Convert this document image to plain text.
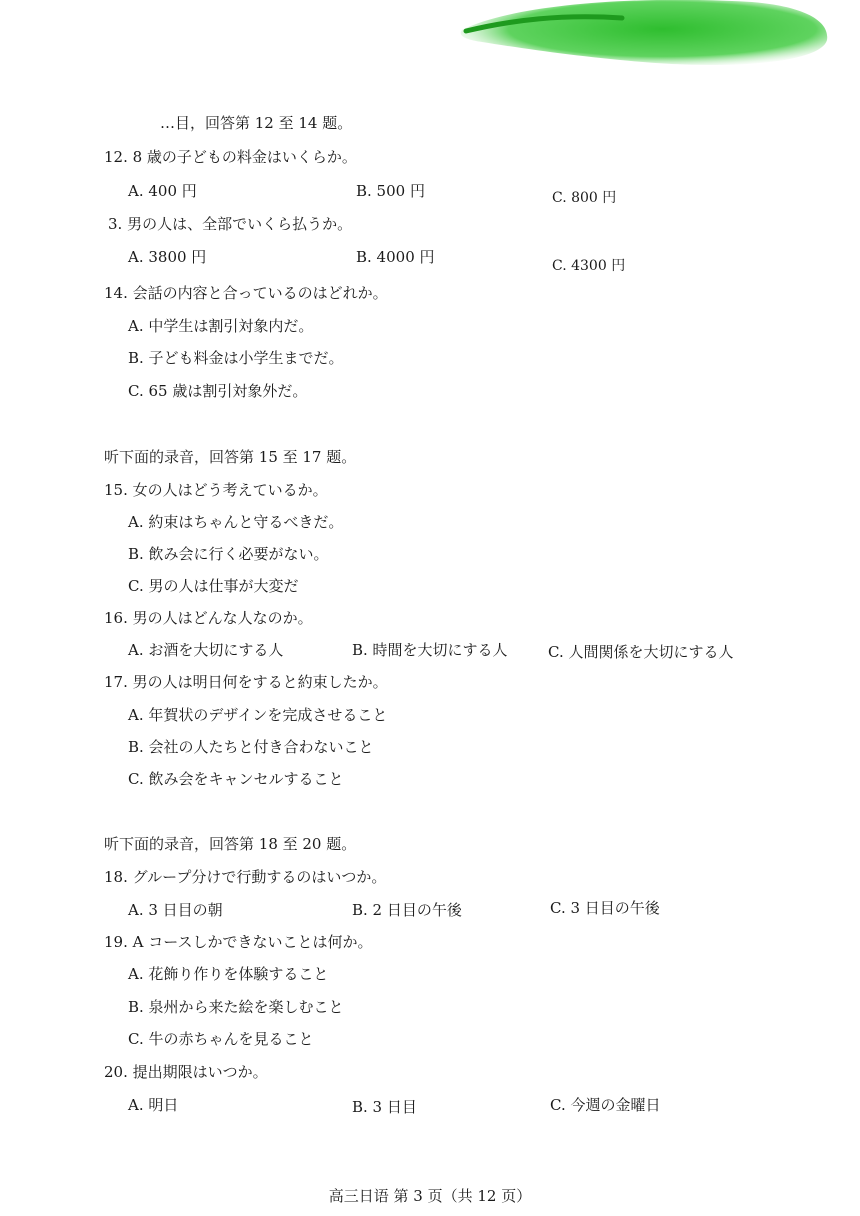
…目，回答第 12 至 14 题。
12. 8 歳の子どもの料金はいくらか。
A. 400 円	B. 500 円	C. 800 円
3. 男の人は、全部でいくら払うか。
A. 3800 円	B. 4000 円	C. 4300 円
14. 会話の内容と合っているのはどれか。
A. 中学生は割引対象内だ。
B. 子ども料金は小学生までだ。
C. 65 歳は割引対象外だ。
听下面的录音，回答第 15 至 17 题。
15. 女の人はどう考えているか。
A. 約束はちゃんと守るべきだ。
B. 飲み会に行く必要がない。
C. 男の人は仕事が大変だ
16. 男の人はどんな人なのか。
A. お酒を大切にする人	B. 時間を大切にする人	C. 人間関係を大切にする人
17. 男の人は明日何をすると約束したか。
A. 年賀状のデザインを完成させること
B. 会社の人たちと付き合わないこと
C. 飲み会をキャンセルすること
听下面的录音，回答第 18 至 20 题。
18. グループ分けで行動するのはいつか。
A. 3 日目の朝	B. 2 日目の午後	C. 3 日目の午後
19. A コースしかできないことは何か。
A. 花飾り作りを体験すること
B. 泉州から来た絵を楽しむこと
C. 牛の赤ちゃんを見ること
20. 提出期限はいつか。
A. 明日	B. 3 日目	C. 今週の金曜日
高三日语 第 3 页（共 12 页）
